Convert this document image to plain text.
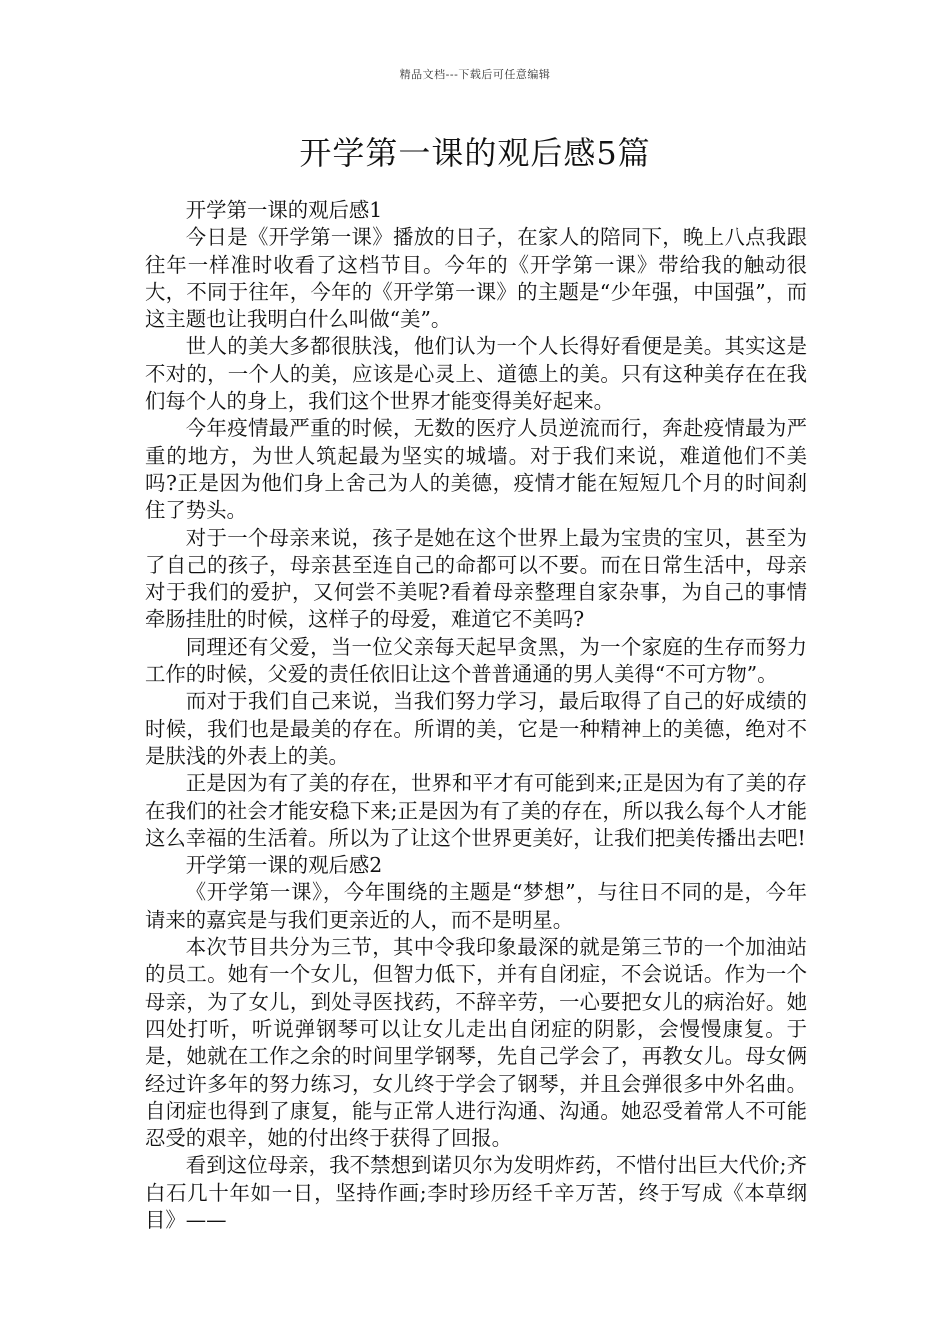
精品文档---下载后可任意编辑
开学第一课的观后感5篇

开学第一课的观后感1

今日是《开学第一课》播放的日子，在家人的陪同下，晚上八点我跟往年一样准时收看了这档节目。今年的《开学第一课》带给我的触动很大，不同于往年，今年的《开学第一课》的主题是“少年强，中国强”，而这主题也让我明白什么叫做“美”。

世人的美大多都很肤浅，他们认为一个人长得好看便是美。其实这是不对的，一个人的美，应该是心灵上、道德上的美。只有这种美存在在我们每个人的身上，我们这个世界才能变得美好起来。

今年疫情最严重的时候，无数的医疗人员逆流而行，奔赴疫情最为严重的地方，为世人筑起最为坚实的城墙。对于我们来说，难道他们不美吗?正是因为他们身上舍己为人的美德，疫情才能在短短几个月的时间刹住了势头。

对于一个母亲来说，孩子是她在这个世界上最为宝贵的宝贝，甚至为了自己的孩子，母亲甚至连自己的命都可以不要。而在日常生活中，母亲对于我们的爱护，又何尝不美呢?看着母亲整理自家杂事，为自己的事情牵肠挂肚的时候，这样子的母爱，难道它不美吗?

同理还有父爱，当一位父亲每天起早贪黑，为一个家庭的生存而努力工作的时候，父爱的责任依旧让这个普普通通的男人美得“不可方物”。

而对于我们自己来说，当我们努力学习，最后取得了自己的好成绩的时候，我们也是最美的存在。所谓的美，它是一种精神上的美德，绝对不是肤浅的外表上的美。

正是因为有了美的存在，世界和平才有可能到来;正是因为有了美的存在我们的社会才能安稳下来;正是因为有了美的存在，所以我么每个人才能这么幸福的生活着。所以为了让这个世界更美好，让我们把美传播出去吧!

开学第一课的观后感2

《开学第一课》，今年围绕的主题是“梦想”，与往日不同的是，今年请来的嘉宾是与我们更亲近的人，而不是明星。

本次节目共分为三节，其中令我印象最深的就是第三节的一个加油站的员工。她有一个女儿，但智力低下，并有自闭症，不会说话。作为一个母亲，为了女儿，到处寻医找药，不辞辛劳，一心要把女儿的病治好。她四处打听，听说弹钢琴可以让女儿走出自闭症的阴影，会慢慢康复。于是，她就在工作之余的时间里学钢琴，先自己学会了，再教女儿。母女俩经过许多年的努力练习，女儿终于学会了钢琴，并且会弹很多中外名曲。自闭症也得到了康复，能与正常人进行沟通、沟通。她忍受着常人不可能忍受的艰辛，她的付出终于获得了回报。

看到这位母亲，我不禁想到诺贝尔为发明炸药，不惜付出巨大代价;齐白石几十年如一日，坚持作画;李时珍历经千辛万苦，终于写成《本草纲目》——
